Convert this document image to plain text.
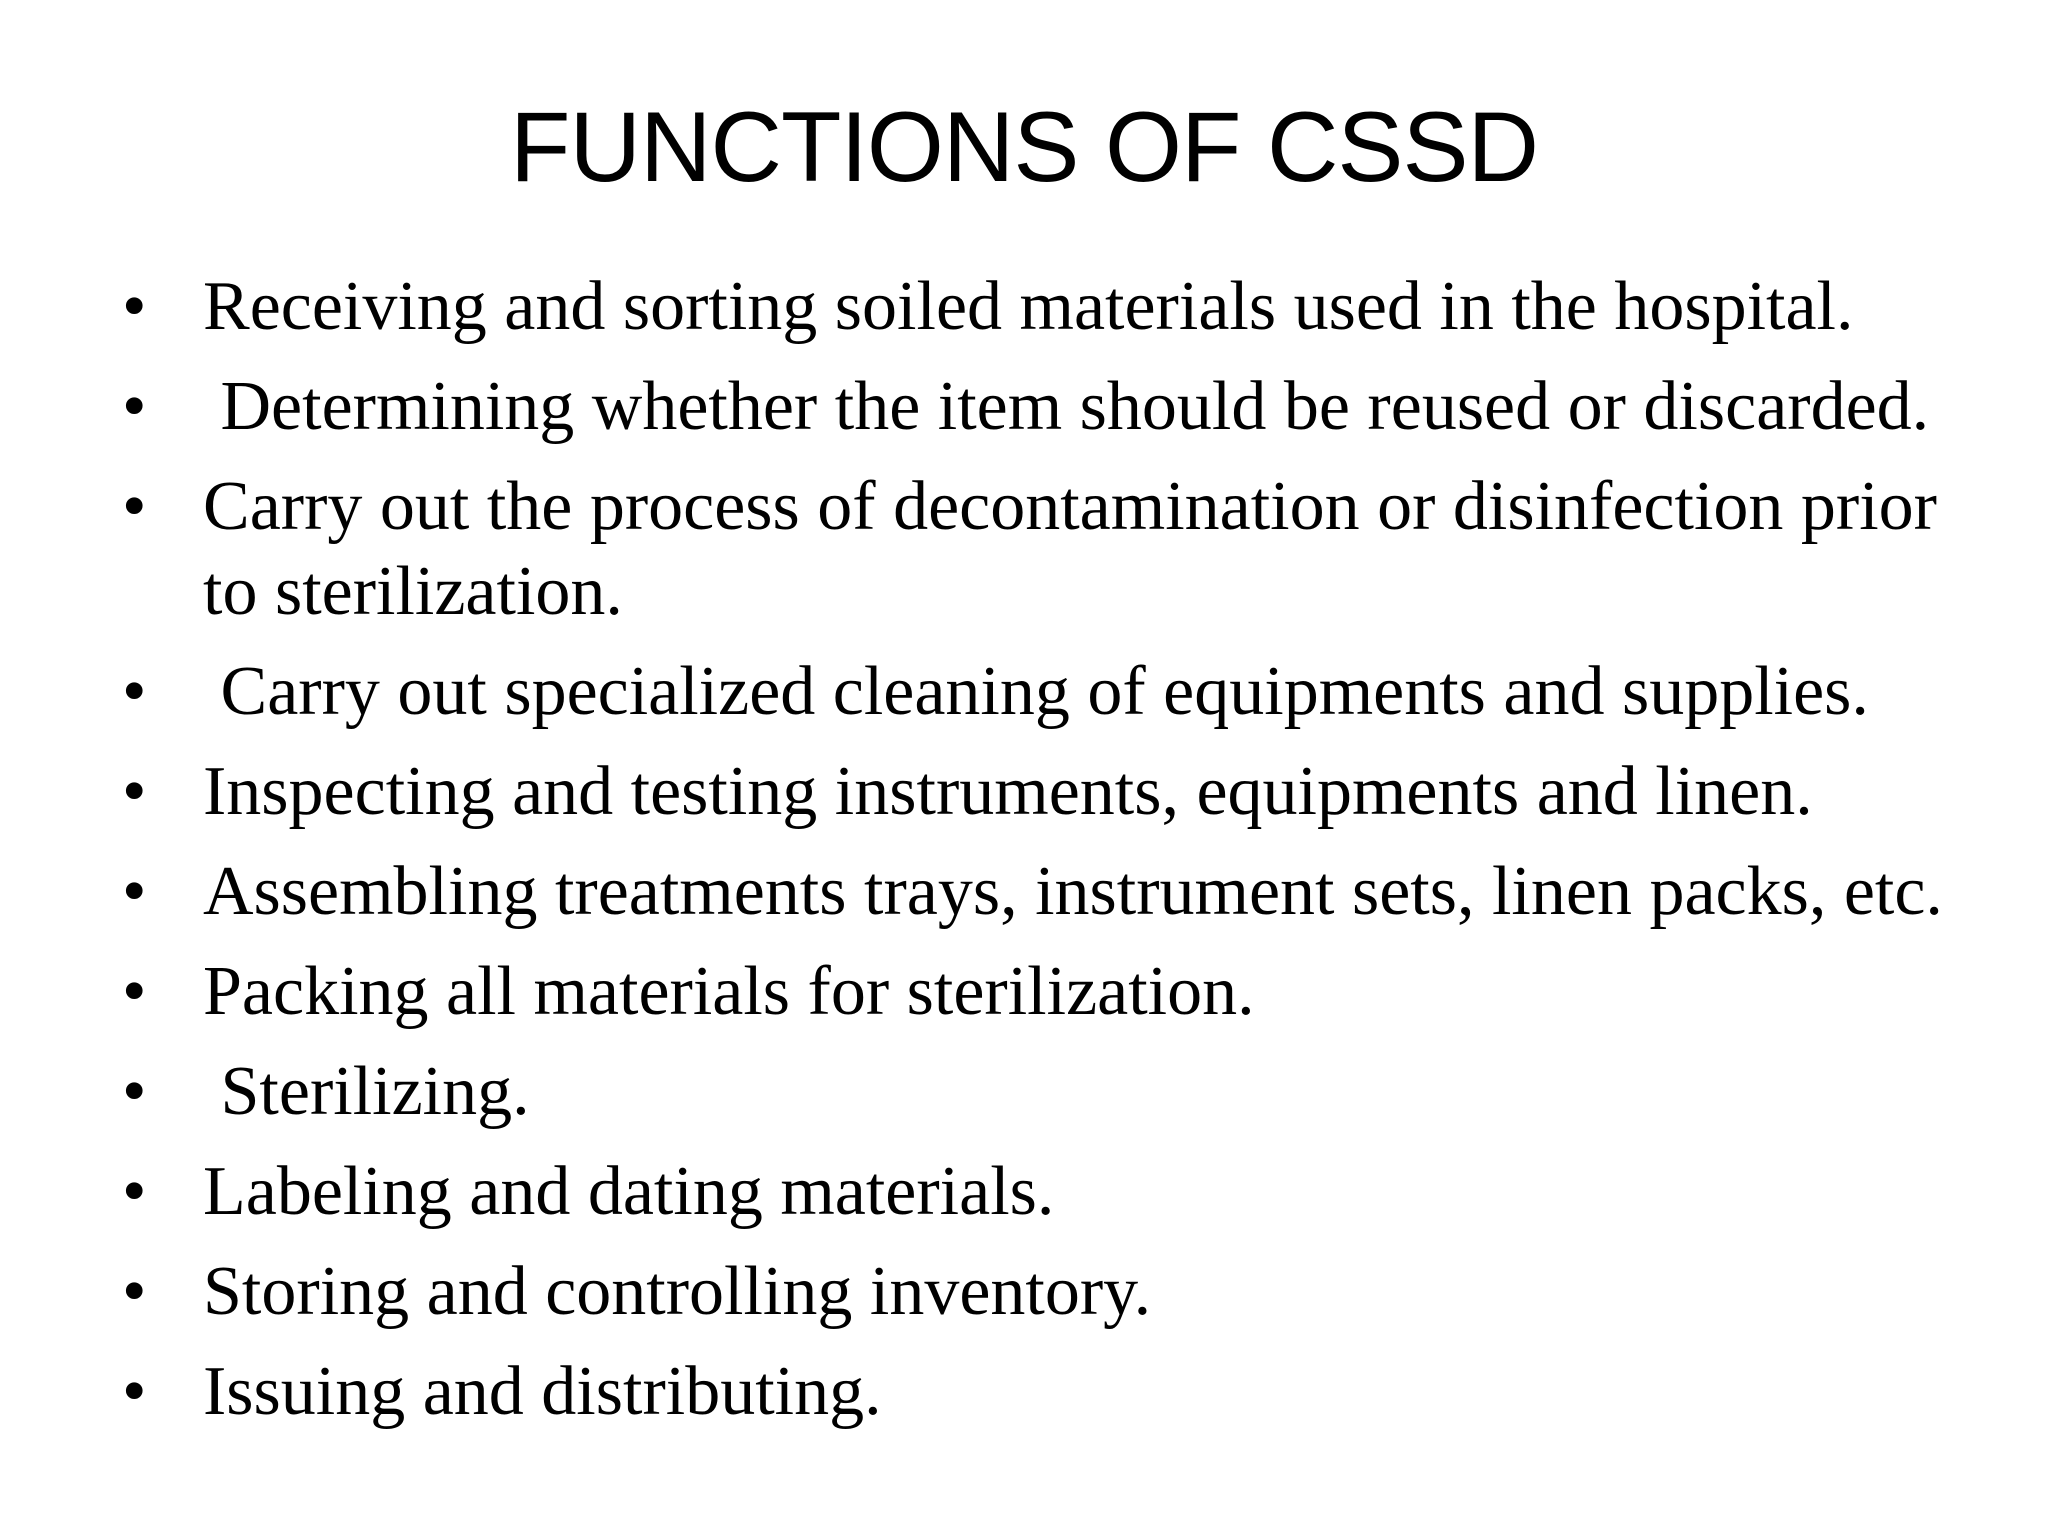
FUNCTIONS OF CSSD
• Receiving and sorting soiled materials used in the hospital.
• Determining whether the item should be reused or discarded.
• Carry out the process of decontamination or disinfection prior to sterilization.
• Carry out specialized cleaning of equipments and supplies.
• Inspecting and testing instruments, equipments and linen.
• Assembling treatments trays, instrument sets, linen packs, etc.
• Packing all materials for sterilization.
• Sterilizing.
• Labeling and dating materials.
• Storing and controlling inventory.
• Issuing and distributing.
